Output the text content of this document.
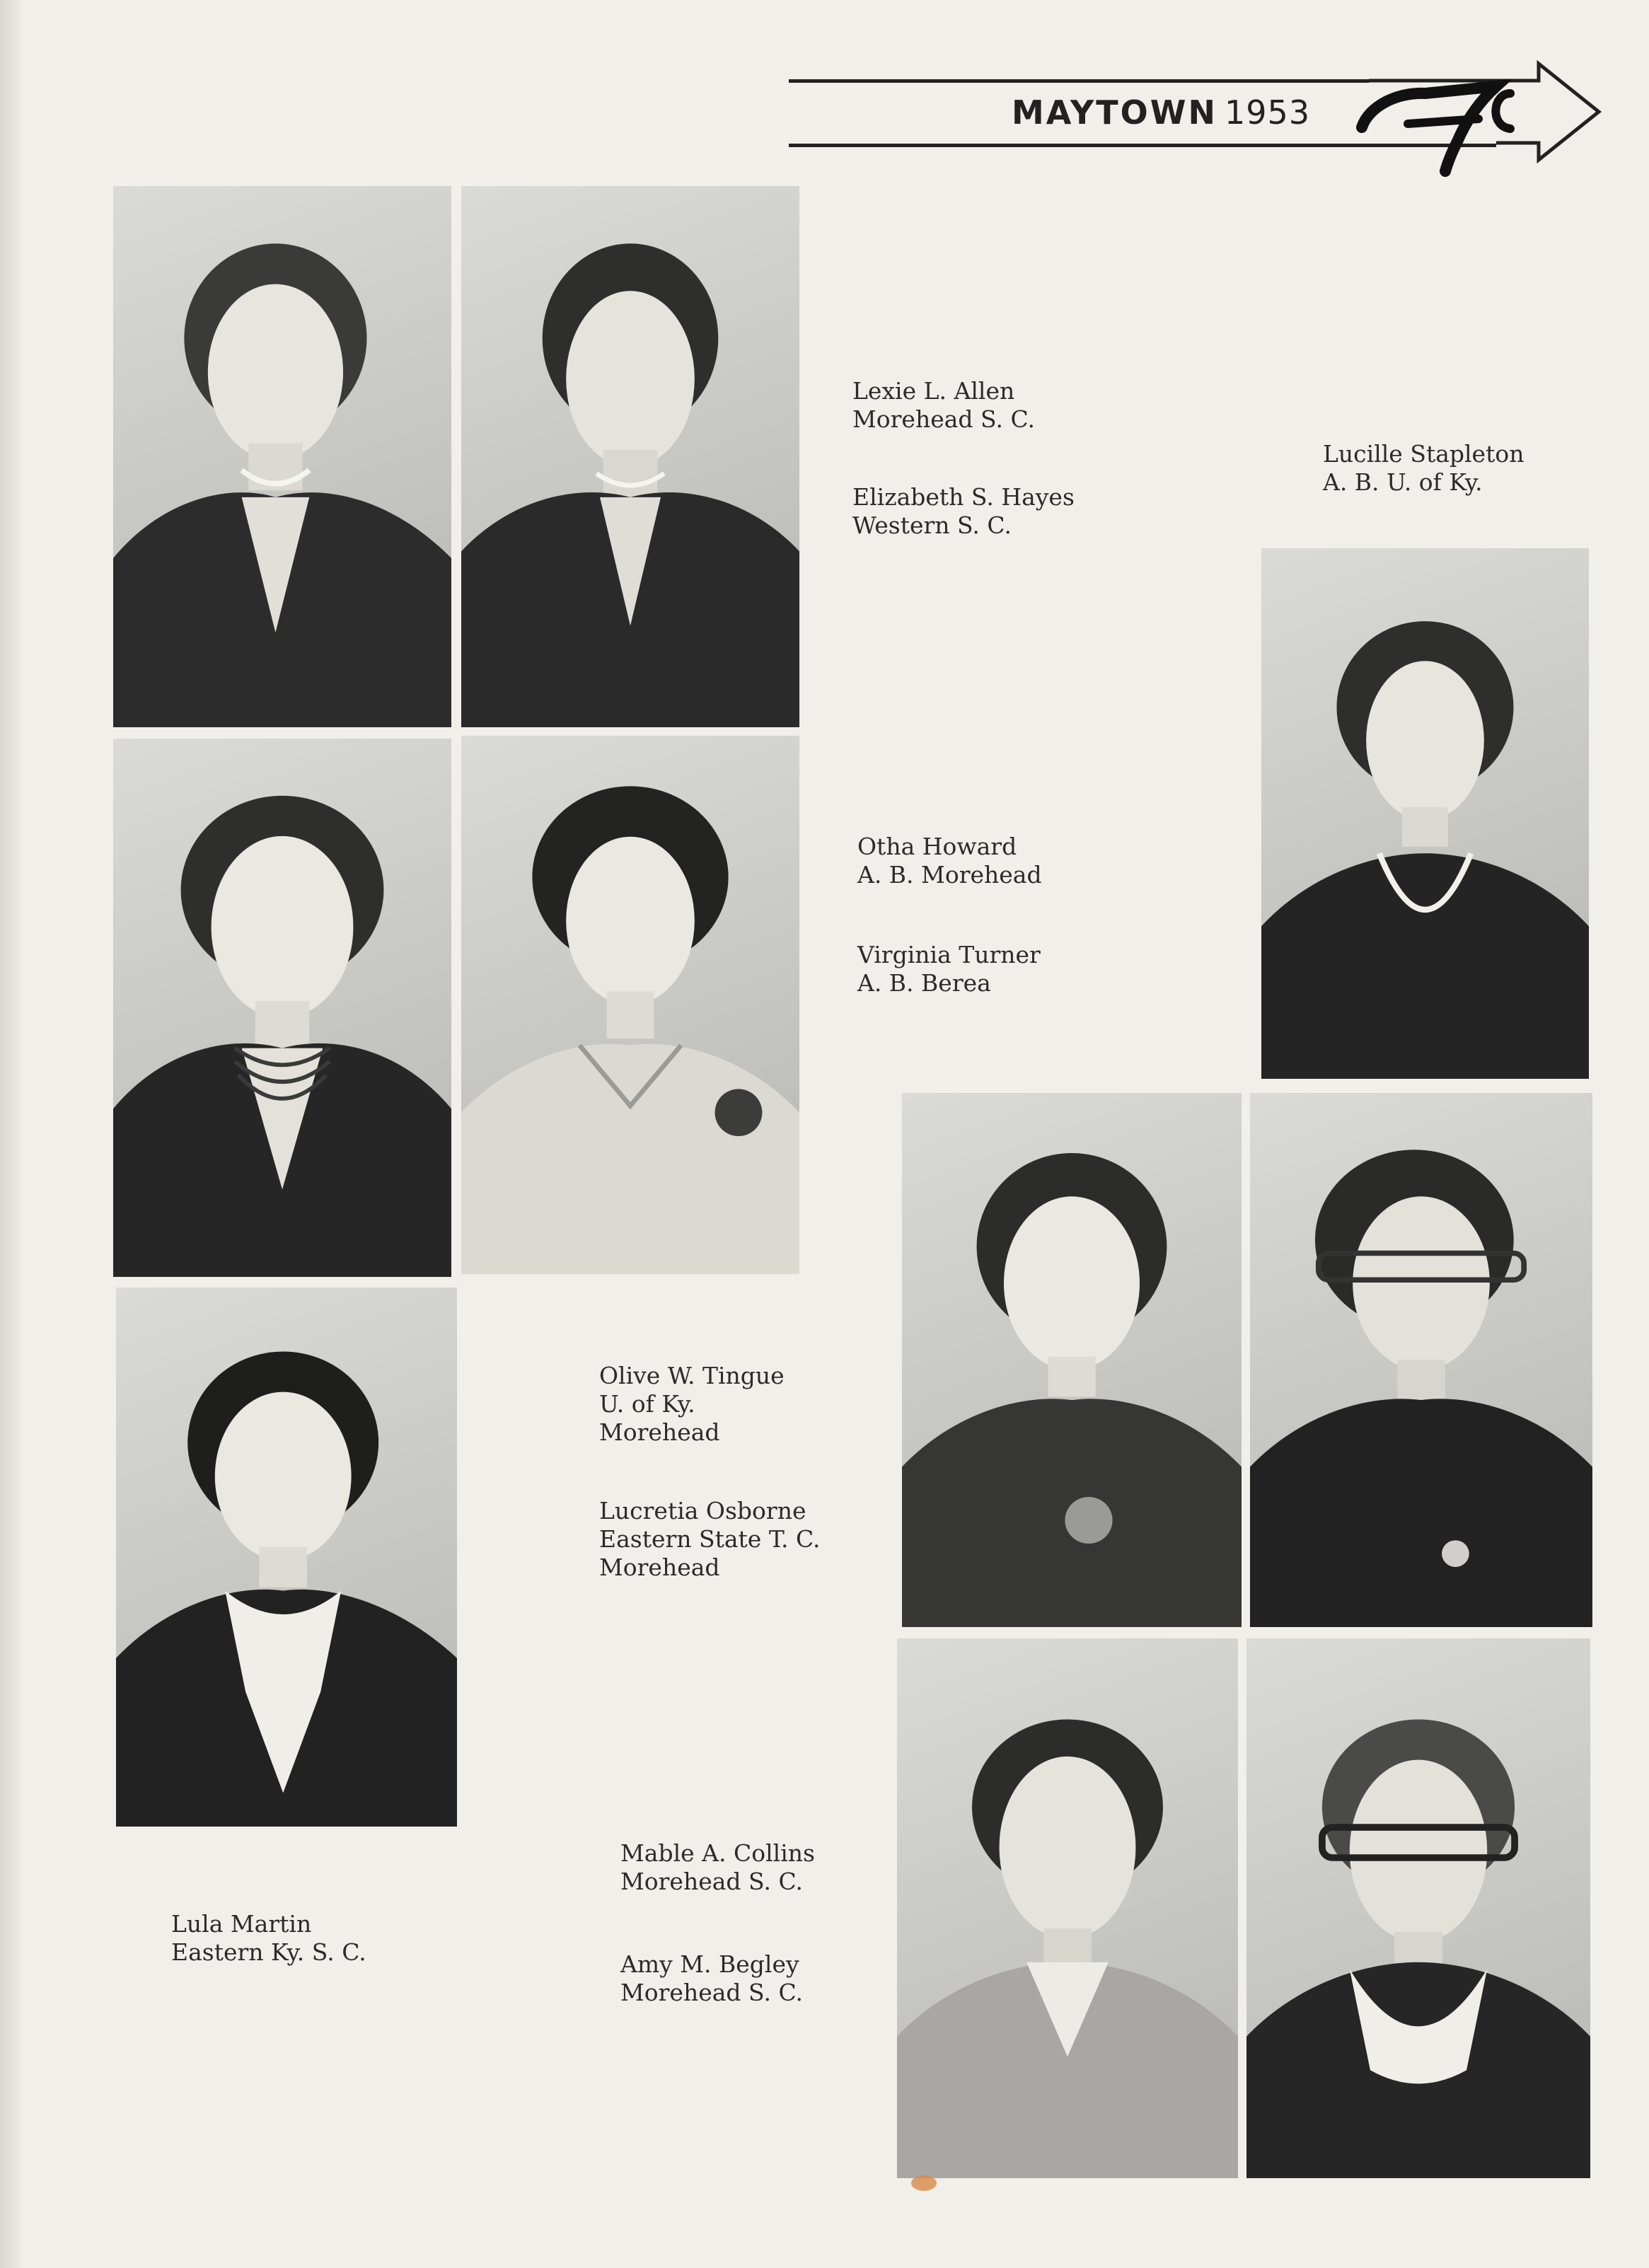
MAYTOWN 1953
Lexie L. Allen
Morehead S. C.
Elizabeth S. Hayes
Western S. C.
Lucille Stapleton
A. B. U. of Ky.
Otha Howard
A. B. Morehead
Virginia Turner
A. B. Berea
Olive W. Tingue
U. of Ky.
Morehead
Lucretia Osborne
Eastern State T. C.
Morehead
Mable A. Collins
Morehead S. C.
Amy M. Begley
Morehead S. C.
Lula Martin
Eastern Ky. S. C.
